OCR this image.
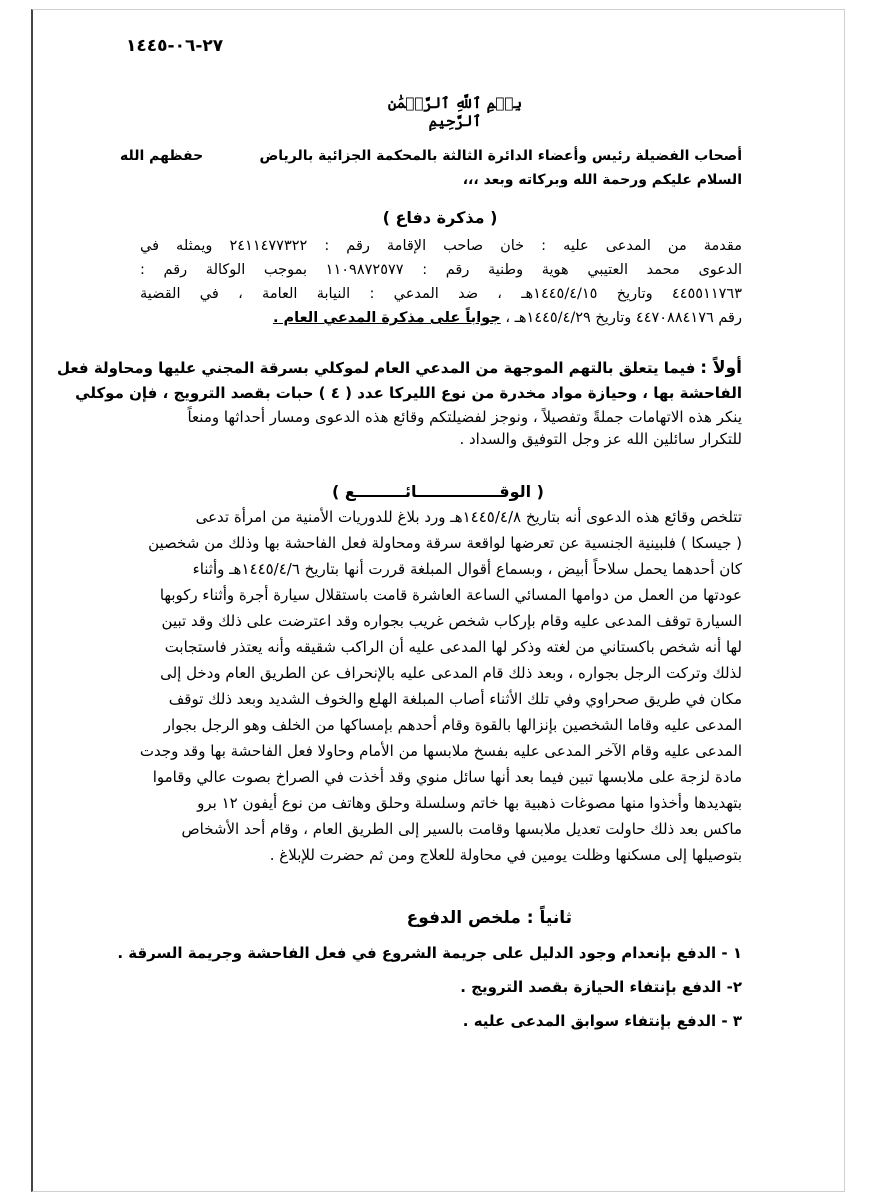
٢٧-٠٦-١٤٤٥
بِسۡمِ ٱللَّهِ ٱلرَّحۡمَٰنِ ٱلرَّحِيمِ
أصحاب الفضيلة رئيس وأعضاء الدائرة الثالثة بالمحكمة الجزائية بالرياض
حفظهم الله
السلام عليكم ورحمة الله وبركاته وبعد ،،،
( مذكرة دفاع )
مقدمة من المدعى عليه : خان صاحب الإقامة رقم : ٢٤١١٤٧٧٣٢٢ ويمثله في
الدعوى محمد العتيبي هوية وطنية رقم : ١١٠٩٨٧٢٥٧٧ بموجب الوكالة رقم :
٤٤٥٥١١٧٦٣ وتاريخ ١٤٤٥/٤/١٥هـ ، ضد المدعي : النيابة العامة ، في القضية
رقم ٤٤٧٠٨٨٤١٧٦ وتاريخ ١٤٤٥/٤/٢٩هـ ، جواباً على مذكرة المدعي العام .
أولاً : فيما يتعلق بالتهم الموجهة من المدعي العام لموكلي بسرقة المجني عليها ومحاولة فعل
الفاحشة بها ، وحيازة مواد مخدرة من نوع الليركا عدد ( ٤ ) حبات بقصد الترويج ، فإن موكلي
ينكر هذه الاتهامات جملةً وتفصيلاً ، ونوجز لفضيلتكم وقائع هذه الدعوى ومسار أحداثها ومنعاً
للتكرار سائلين الله عز وجل التوفيق والسداد .
( الوقـــــــــــــــائـــــــــع )
تتلخص وقائع هذه الدعوى أنه بتاريخ ١٤٤٥/٤/٨هـ ورد بلاغ للدوريات الأمنية من امرأة تدعى
( جيسكا ) فلبينية الجنسية عن تعرضها لواقعة سرقة ومحاولة فعل الفاحشة بها وذلك من شخصين
كان أحدهما يحمل سلاحاً أبيض ، وبسماع أقوال المبلغة قررت أنها بتاريخ ١٤٤٥/٤/٦هـ وأثناء
عودتها من العمل من دوامها المسائي الساعة العاشرة قامت باستقلال سيارة أجرة وأثناء ركوبها
السيارة توقف المدعى عليه وقام بإركاب شخص غريب بجواره وقد اعترضت على ذلك وقد تبين
لها أنه شخص باكستاني من لغته وذكر لها المدعى عليه أن الراكب شقيقه وأنه يعتذر فاستجابت
لذلك وتركت الرجل بجواره ، وبعد ذلك قام المدعى عليه بالإنحراف عن الطريق العام ودخل إلى
مكان في طريق صحراوي وفي تلك الأثناء أصاب المبلغة الهلع والخوف الشديد وبعد ذلك توقف
المدعى عليه وقاما الشخصين بإنزالها بالقوة وقام أحدهم بإمساكها من الخلف وهو الرجل بجوار
المدعى عليه وقام الآخر المدعى عليه بفسخ ملابسها من الأمام وحاولا فعل الفاحشة بها وقد وجدت
مادة لزجة على ملابسها تبين فيما بعد أنها سائل منوي وقد أخذت في الصراخ بصوت عالي وقاموا
بتهديدها وأخذوا منها مصوغات ذهبية بها خاتم وسلسلة وحلق وهاتف من نوع أيفون ١٢ برو
ماكس بعد ذلك حاولت تعديل ملابسها وقامت بالسير إلى الطريق العام ، وقام أحد الأشخاص
بتوصيلها إلى مسكنها وظلت يومين في محاولة للعلاج ومن ثم حضرت للإبلاغ .
ثانياً : ملخص الدفوع
١ - الدفع بإنعدام وجود الدليل على جريمة الشروع في فعل الفاحشة وجريمة السرقة .
٢- الدفع بإنتفاء الحيازة بقصد الترويج .
٣ - الدفع بإنتفاء سوابق المدعى عليه .
